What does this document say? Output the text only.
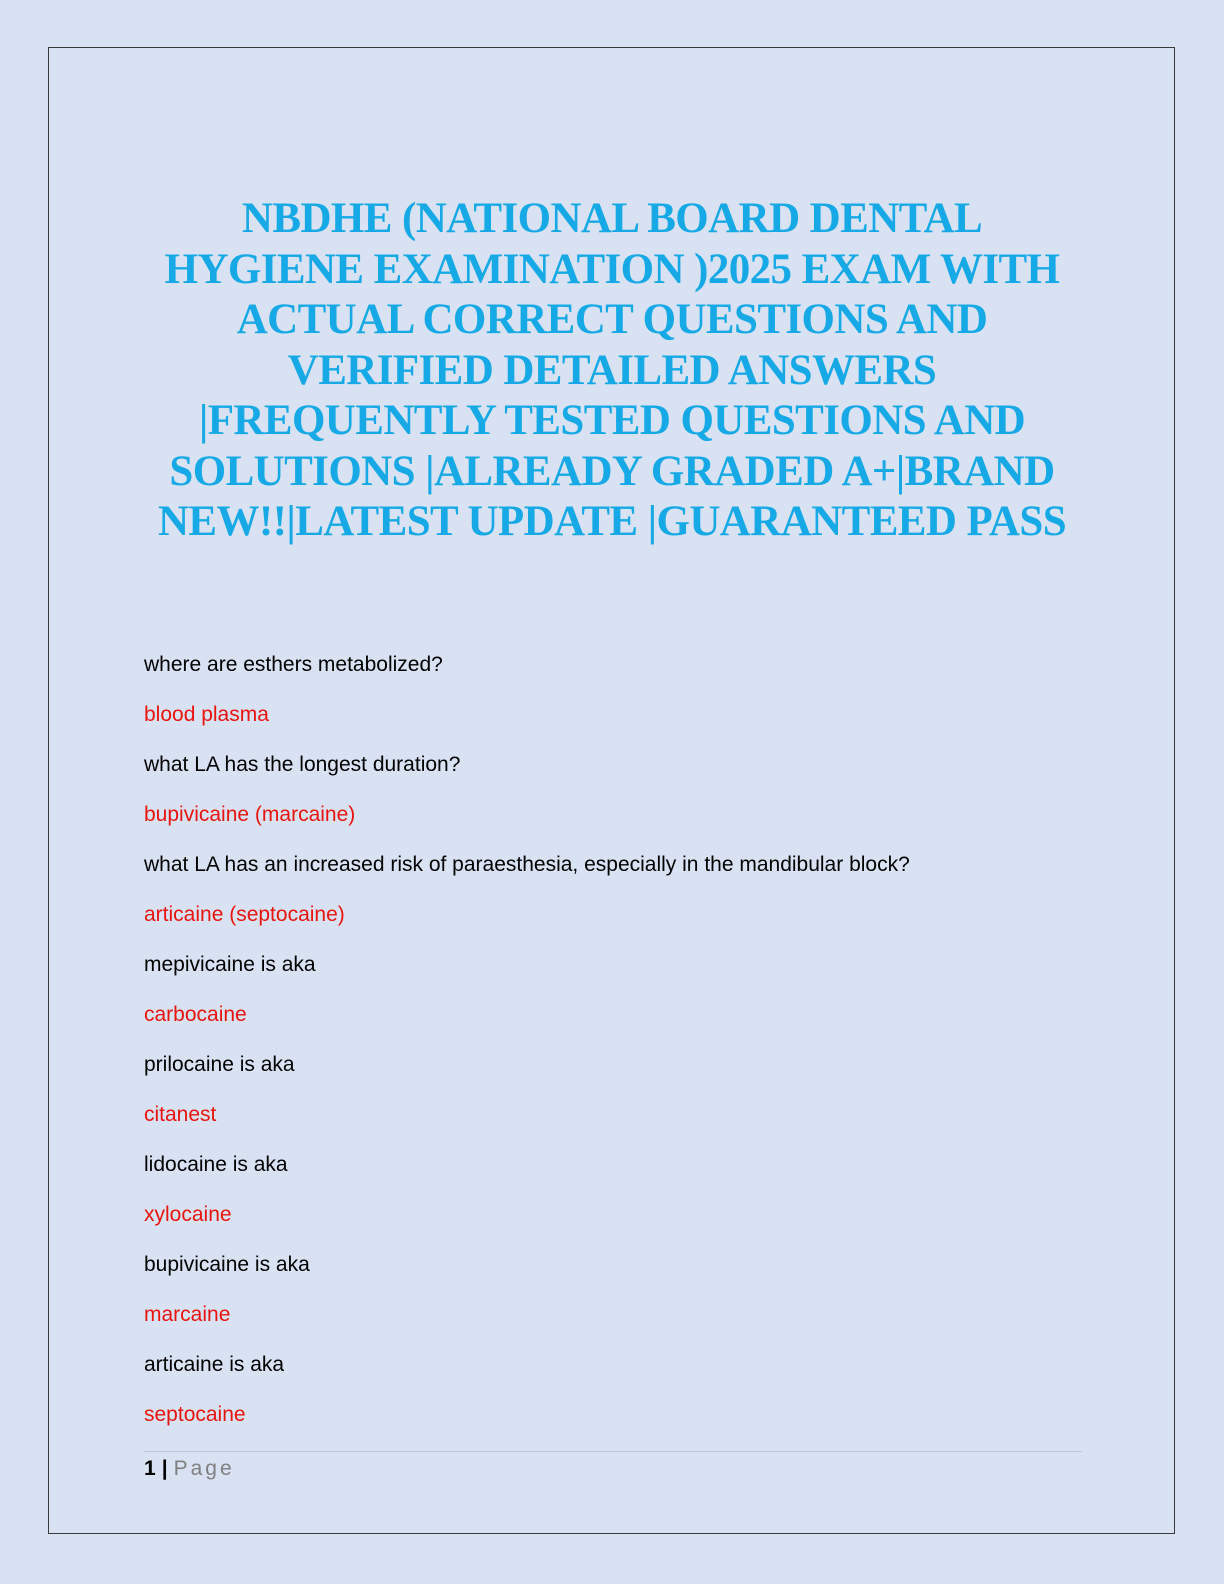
NBDHE (NATIONAL BOARD DENTAL
HYGIENE EXAMINATION )2025 EXAM WITH
ACTUAL CORRECT QUESTIONS AND
VERIFIED DETAILED ANSWERS
|FREQUENTLY TESTED QUESTIONS AND
SOLUTIONS |ALREADY GRADED A+|BRAND
NEW!!|LATEST UPDATE |GUARANTEED PASS
where are esthers metabolized?
blood plasma
what LA has the longest duration?
bupivicaine (marcaine)
what LA has an increased risk of paraesthesia, especially in the mandibular block?
articaine (septocaine)
mepivicaine is aka
carbocaine
prilocaine is aka
citanest
lidocaine is aka
xylocaine
bupivicaine is aka
marcaine
articaine is aka
septocaine
1 | Page
